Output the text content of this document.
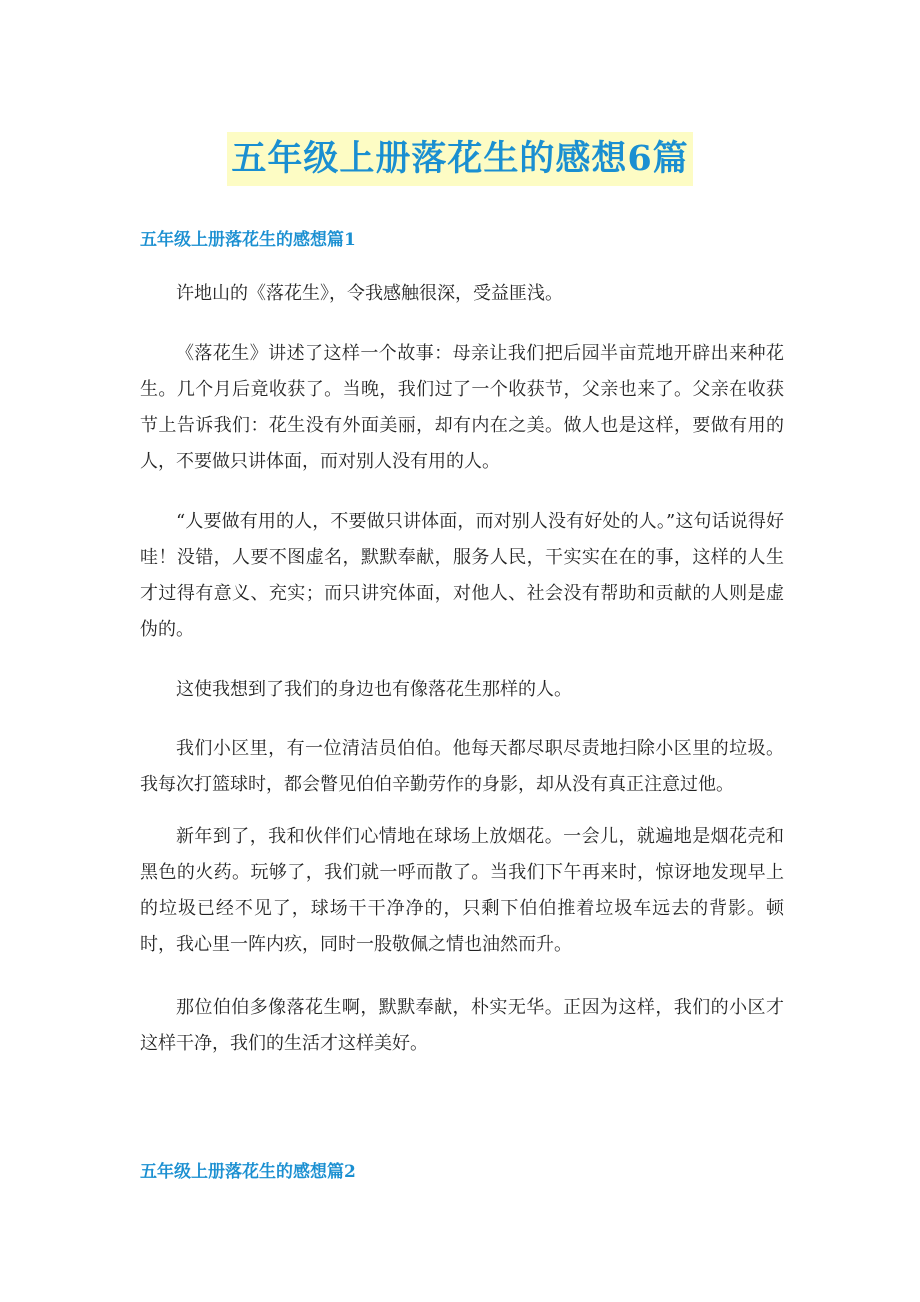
五年级上册落花生的感想6篇
五年级上册落花生的感想篇1

许地山的《落花生》，令我感触很深，受益匪浅。

《落花生》讲述了这样一个故事：母亲让我们把后园半亩荒地开辟出来种花生。几个月后竟收获了。当晚，我们过了一个收获节，父亲也来了。父亲在收获节上告诉我们：花生没有外面美丽，却有内在之美。做人也是这样，要做有用的人，不要做只讲体面，而对别人没有用的人。

“人要做有用的人，不要做只讲体面，而对别人没有好处的人。”这句话说得好哇！没错，人要不图虚名，默默奉献，服务人民，干实实在在的事，这样的人生才过得有意义、充实；而只讲究体面，对他人、社会没有帮助和贡献的人则是虚伪的。

这使我想到了我们的身边也有像落花生那样的人。

我们小区里，有一位清洁员伯伯。他每天都尽职尽责地扫除小区里的垃圾。我每次打篮球时，都会瞥见伯伯辛勤劳作的身影，却从没有真正注意过他。

新年到了，我和伙伴们心情地在球场上放烟花。一会儿，就遍地是烟花壳和黑色的火药。玩够了，我们就一呼而散了。当我们下午再来时，惊讶地发现早上的垃圾已经不见了，球场干干净净的，只剩下伯伯推着垃圾车远去的背影。顿时，我心里一阵内疚，同时一股敬佩之情也油然而升。

那位伯伯多像落花生啊，默默奉献，朴实无华。正因为这样，我们的小区才这样干净，我们的生活才这样美好。

五年级上册落花生的感想篇2
